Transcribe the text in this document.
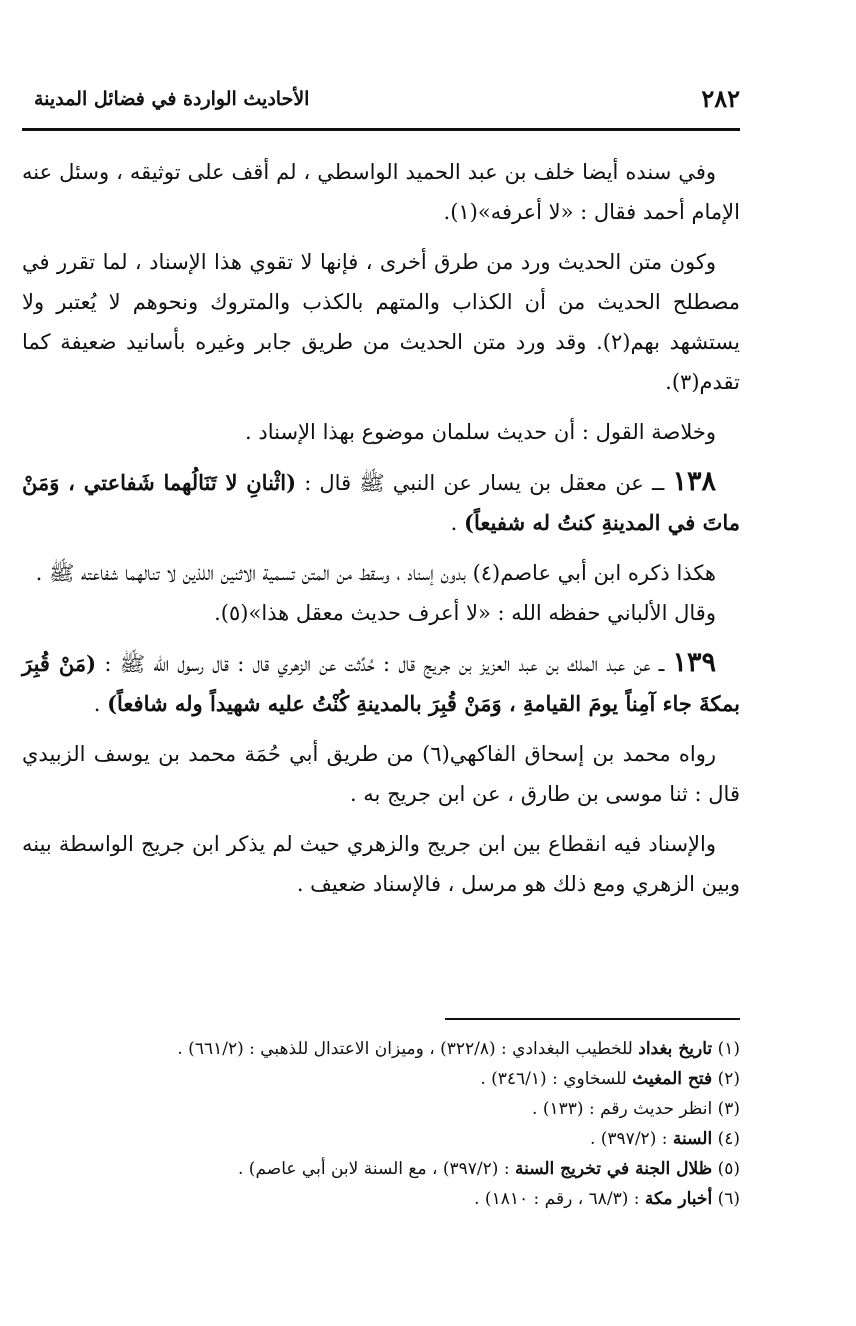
٢٨٢
الأحاديث الواردة في فضائل المدينة

وفي سنده أيضا خلف بن عبد الحميد الواسطي ، لم أقف على توثيقه ، وسئل عنه الإمام أحمد فقال : «لا أعرفه»(١).

وكون متن الحديث ورد من طرق أخرى ، فإنها لا تقوي هذا الإسناد ، لما تقرر في مصطلح الحديث من أن الكذاب والمتهم بالكذب والمتروك ونحوهم لا يُعتبر ولا يستشهد بهم(٢). وقد ورد متن الحديث من طريق جابر وغيره بأسانيد ضعيفة كما تقدم(٣).

وخلاصة القول : أن حديث سلمان موضوع بهذا الإسناد .

١٣٨ ــ عن معقل بن يسار عن النبي ﷺ قال : (اثْنانِ لا تَنَالُهما شَفاعتي ، وَمَنْ ماتَ في المدينةِ كنتُ له شفيعاً) .

هكذا ذكره ابن أبي عاصم(٤) بدون إسناد ، وسقط من المتن تسمية الاثنين اللذين لا تنالهما شفاعته ﷺ .

وقال الألباني حفظه الله : «لا أعرف حديث معقل هذا»(٥).

١٣٩ ــ عن عبد الملك بن عبد العزيز بن جريج قال : حُدِّثت عن الزهري قال : قال رسول الله ﷺ : (مَنْ قُبِرَ بمكةَ جاء آمِناً يومَ القيامةِ ، وَمَنْ قُبِرَ بالمدينةِ كُنْتُ عليه شهيداً وله شافعاً) .

رواه محمد بن إسحاق الفاكهي(٦) من طريق أبي حُمَة محمد بن يوسف الزبيدي قال : ثنا موسى بن طارق ، عن ابن جريج به .

والإسناد فيه انقطاع بين ابن جريج والزهري حيث لم يذكر ابن جريج الواسطة بينه وبين الزهري ومع ذلك هو مرسل ، فالإسناد ضعيف .

(١) تاريخ بغداد للخطيب البغدادي : (٣٢٢/٨) ، وميزان الاعتدال للذهبي : (٦٦١/٢) .

(٢) فتح المغيث للسخاوي : (٣٤٦/١) .

(٣) انظر حديث رقم : (١٣٣) .

(٤) السنة : (٣٩٧/٢) .

(٥) ظلال الجنة في تخريج السنة : (٣٩٧/٢) ، مع السنة لابن أبي عاصم) .

(٦) أخبار مكة : (٦٨/٣ ، رقم : ١٨١٠) .
